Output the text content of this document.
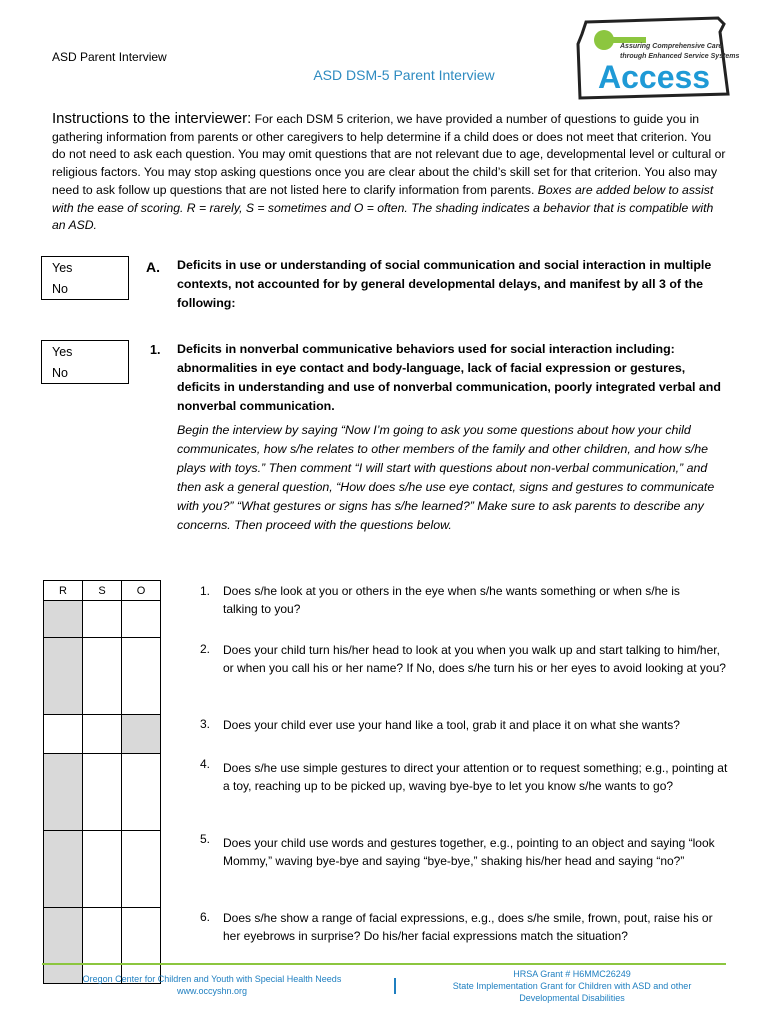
ASD Parent Interview
ASD DSM-5 Parent Interview
Assuring Comprehensive Care
through Enhanced Service Systems
Access
Instructions to the interviewer: For each DSM 5 criterion, we have provided a number of questions to guide you in gathering information from parents or other caregivers to help determine if a child does or does not meet that criterion. You do not need to ask each question. You may omit questions that are not relevant due to age, developmental level or cultural or religious factors. You may stop asking questions once you are clear about the child’s skill set for that criterion. You also may need to ask follow up questions that are not listed here to clarify information from parents. Boxes are added below to assist with the ease of scoring. R = rarely, S = sometimes and O = often. The shading indicates a behavior that is compatible with an ASD.
Yes
No
A. Deficits in use or understanding of social communication and social interaction in multiple contexts, not accounted for by general developmental delays, and manifest by all 3 of the following:
Yes
No
1. Deficits in nonverbal communicative behaviors used for social interaction including: abnormalities in eye contact and body-language, lack of facial expression or gestures, deficits in understanding and use of nonverbal communication, poorly integrated verbal and nonverbal communication.
Begin the interview by saying “Now I’m going to ask you some questions about how your child communicates, how s/he relates to other members of the family and other children, and how s/he plays with toys.” Then comment “I will start with questions about non-verbal communication,” and then ask a general question, “How does s/he use eye contact, signs and gestures to communicate with you?” “What gestures or signs has s/he learned?” Make sure to ask parents to describe any concerns. Then proceed with the questions below.
R	S	O

			1. Does s/he look at you or others in the eye when s/he wants something or when s/he is talking to you?
2. Does your child turn his/her head to look at you when you walk up and start talking to him/her, or when you call his or her name? If No, does s/he turn his or her eyes to avoid looking at you?
3. Does your child ever use your hand like a tool, grab it and place it on what she wants?
4. Does s/he use simple gestures to direct your attention or to request something; e.g., pointing at a toy, reaching up to be picked up, waving bye-bye to let you know s/he wants to go?
5. Does your child use words and gestures together, e.g., pointing to an object and saying “look Mommy,” waving bye-bye and saying “bye-bye,” shaking his/her head and saying “no?”
6. Does s/he show a range of facial expressions, e.g., does s/he smile, frown, pout, raise his or her eyebrows in surprise? Do his/her facial expressions match the situation?
Oregon Center for Children and Youth with Special Health Needs
www.occyshn.org
HRSA Grant # H6MMC26249
State Implementation Grant for Children with ASD and other
Developmental Disabilities
